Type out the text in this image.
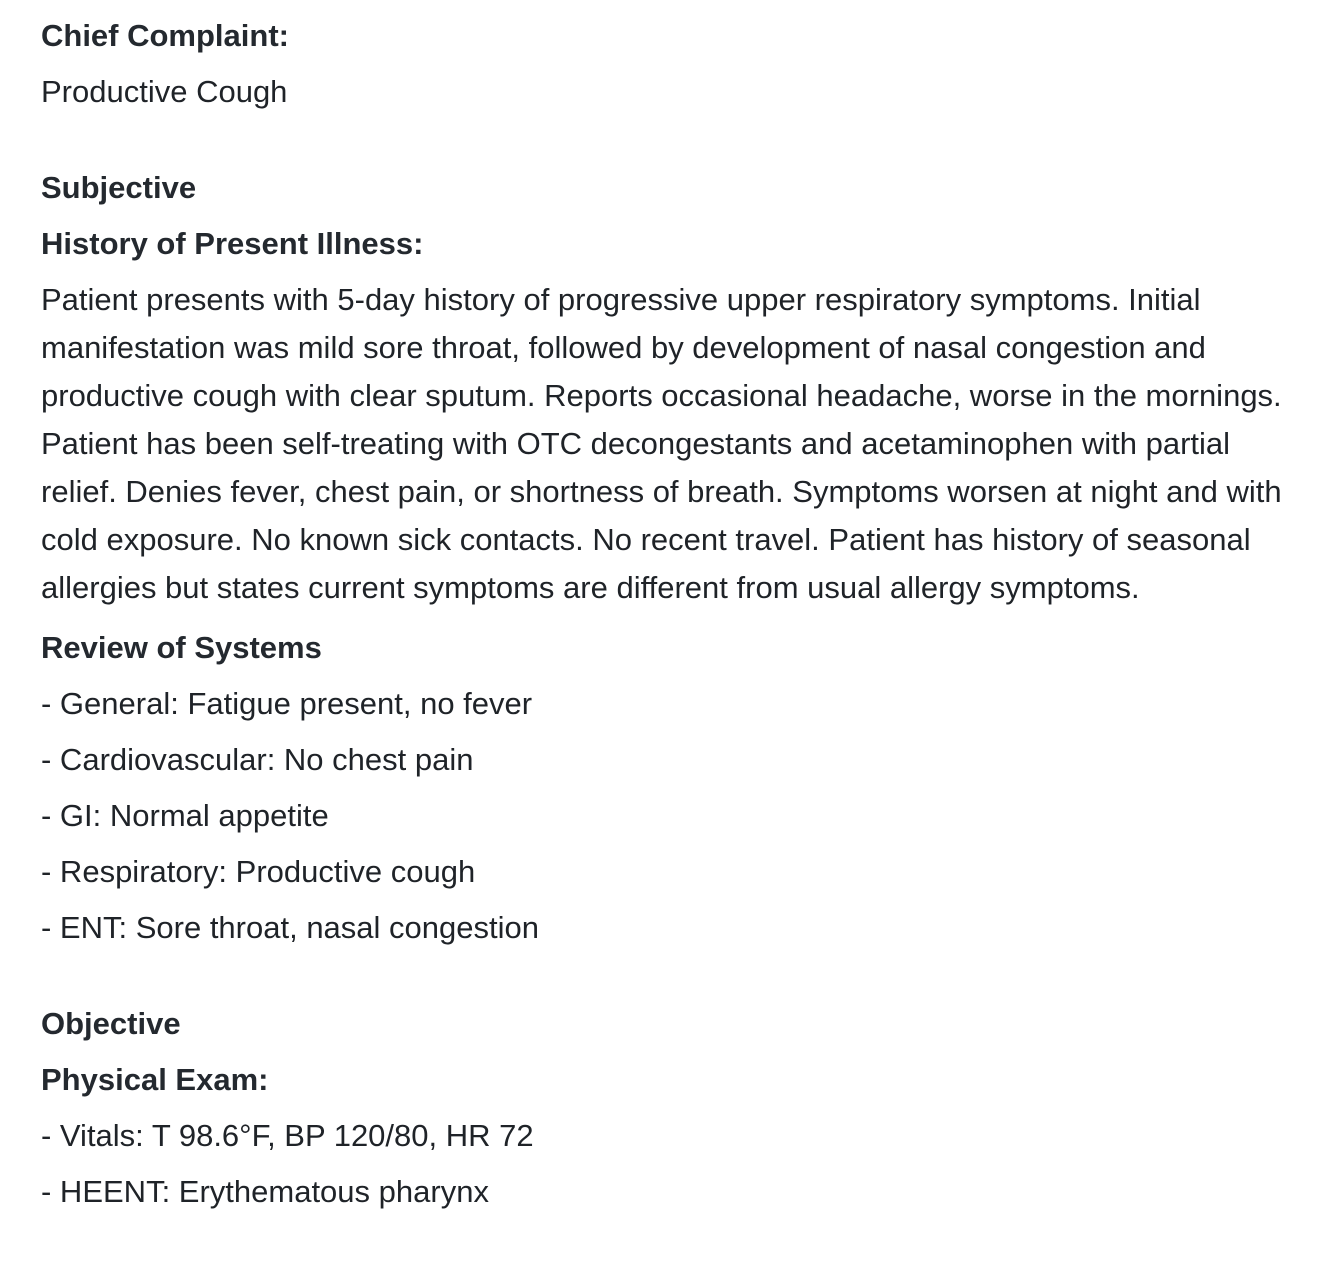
Chief Complaint:

Productive Cough

Subjective

History of Present Illness:

Patient presents with 5-day history of progressive upper respiratory symptoms. Initial manifestation was mild sore throat, followed by development of nasal congestion and productive cough with clear sputum. Reports occasional headache, worse in the mornings. Patient has been self-treating with OTC decongestants and acetaminophen with partial relief. Denies fever, chest pain, or shortness of breath. Symptoms worsen at night and with cold exposure. No known sick contacts. No recent travel. Patient has history of seasonal allergies but states current symptoms are different from usual allergy symptoms.

Review of Systems

- General: Fatigue present, no fever

- Cardiovascular: No chest pain

- GI: Normal appetite

- Respiratory: Productive cough

- ENT: Sore throat, nasal congestion

Objective

Physical Exam:

- Vitals: T 98.6°F, BP 120/80, HR 72

- HEENT: Erythematous pharynx
